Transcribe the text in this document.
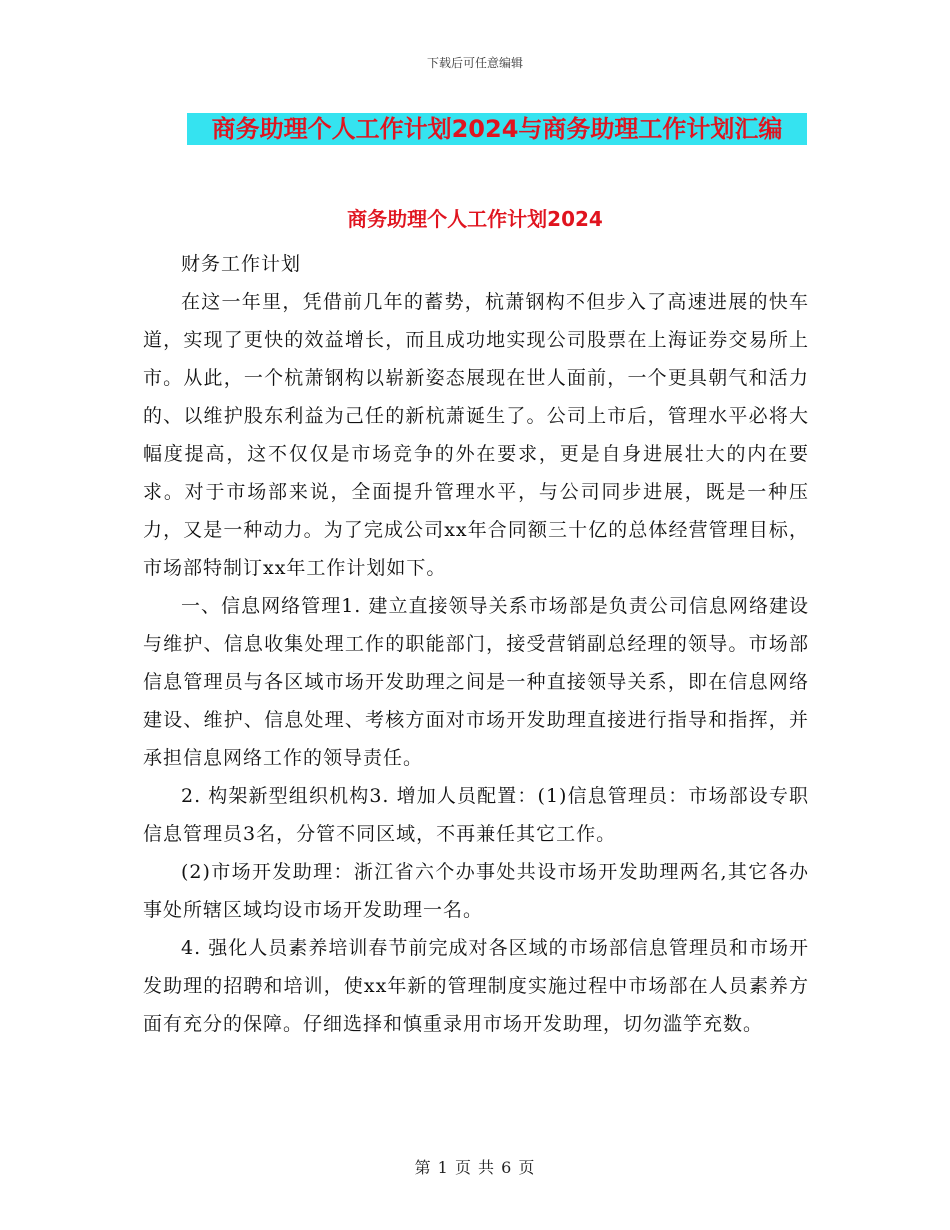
下载后可任意编辑
商务助理个人工作计划2024与商务助理工作计划汇编
商务助理个人工作计划2024

财务工作计划

在这一年里，凭借前几年的蓄势，杭萧钢构不但步入了高速进展的快车道，实现了更快的效益增长，而且成功地实现公司股票在上海证券交易所上市。从此，一个杭萧钢构以崭新姿态展现在世人面前，一个更具朝气和活力的、以维护股东利益为己任的新杭萧诞生了。公司上市后，管理水平必将大幅度提高，这不仅仅是市场竞争的外在要求，更是自身进展壮大的内在要求。对于市场部来说，全面提升管理水平，与公司同步进展，既是一种压力，又是一种动力。为了完成公司xx年合同额三十亿的总体经营管理目标，市场部特制订xx年工作计划如下。

一、信息网络管理1. 建立直接领导关系市场部是负责公司信息网络建设与维护、信息收集处理工作的职能部门，接受营销副总经理的领导。市场部信息管理员与各区域市场开发助理之间是一种直接领导关系，即在信息网络建设、维护、信息处理、考核方面对市场开发助理直接进行指导和指挥，并承担信息网络工作的领导责任。

2. 构架新型组织机构3. 增加人员配置：(1)信息管理员：市场部设专职信息管理员3名，分管不同区域，不再兼任其它工作。

(2)市场开发助理：浙江省六个办事处共设市场开发助理两名,其它各办事处所辖区域均设市场开发助理一名。

4. 强化人员素养培训春节前完成对各区域的市场部信息管理员和市场开发助理的招聘和培训，使xx年新的管理制度实施过程中市场部在人员素养方面有充分的保障。仔细选择和慎重录用市场开发助理，切勿滥竽充数。

第 1 页 共 6 页
